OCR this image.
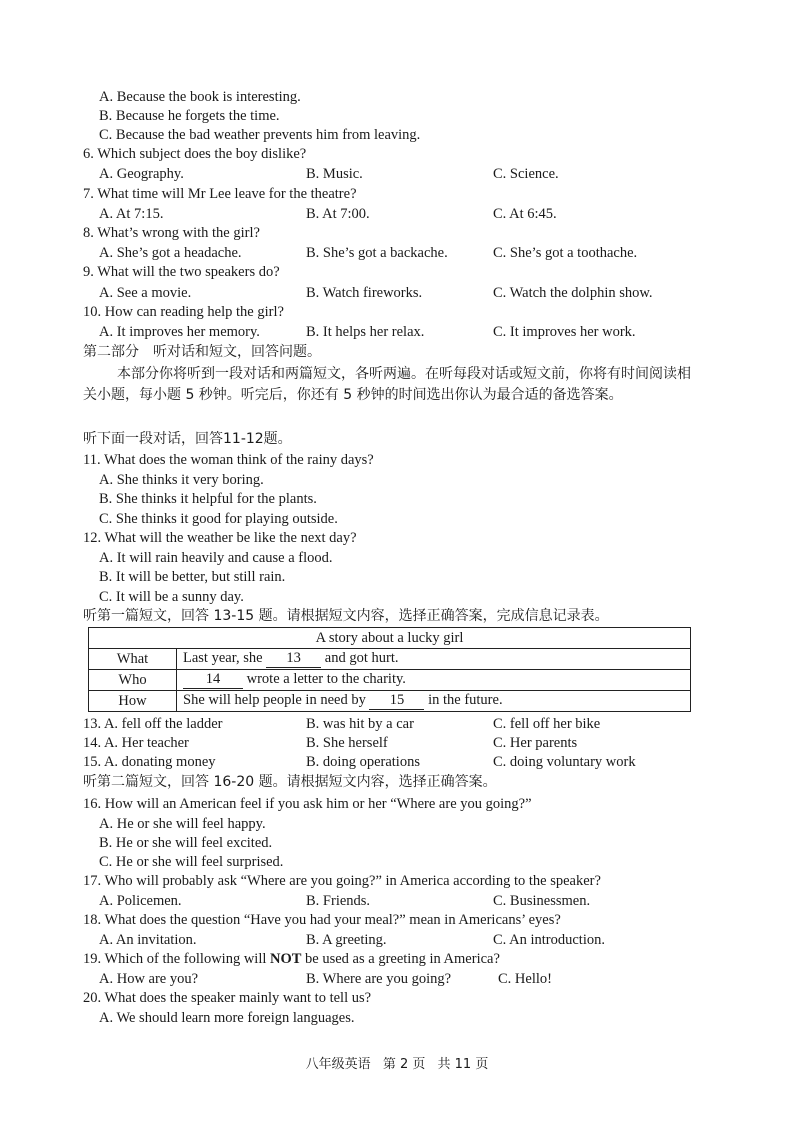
A. Because the book is interesting.
B. Because he forgets the time.
C. Because the bad weather prevents him from leaving.
6. Which subject does the boy dislike?
A. Geography.	B. Music.	C. Science.
7. What time will Mr Lee leave for the theatre?
A. At 7:15.	B. At 7:00.	C. At 6:45.
8. What’s wrong with the girl?
A. She’s got a headache.	B. She’s got a backache.	C. She’s got a toothache.
9. What will the two speakers do?
A. See a movie.	B. Watch fireworks.	C. Watch the dolphin show.
10. How can reading help the girl?
A. It improves her memory.	B. It helps her relax.	C. It improves her work.
第二部分　听对话和短文，回答问题。
本部分你将听到一段对话和两篇短文，各听两遍。在听每段对话或短文前，你将有时间阅读相关小题，每小题 5 秒钟。听完后，你还有 5 秒钟的时间选出你认为最合适的备选答案。
听下面一段对话，回答11-12题。
11. What does the woman think of the rainy days?
A. She thinks it very boring.
B. She thinks it helpful for the plants.
C. She thinks it good for playing outside.
12. What will the weather be like the next day?
A. It will rain heavily and cause a flood.
B. It will be better, but still rain.
C. It will be a sunny day.
听第一篇短文，回答 13-15 题。请根据短文内容，选择正确答案，完成信息记录表。
A story about a lucky girl	
What	Last year, she 13 and got hurt.
Who	14 wrote a letter to the charity.
How	She will help people in need by 15 in the future.
13. A. fell off the ladder	B. was hit by a car	C. fell off her bike
14. A. Her teacher	B. She herself	C. Her parents
15. A. donating money	B. doing operations	C. doing voluntary work
听第二篇短文，回答 16-20 题。请根据短文内容，选择正确答案。
16. How will an American feel if you ask him or her “Where are you going?”
A. He or she will feel happy.
B. He or she will feel excited.
C. He or she will feel surprised.
17. Who will probably ask “Where are you going?” in America according to the speaker?
A. Policemen.	B. Friends.	C. Businessmen.
18. What does the question “Have you had your meal?” mean in Americans’ eyes?
A. An invitation.	B. A greeting.	C. An introduction.
19. Which of the following will NOT be used as a greeting in America?
A. How are you?	B. Where are you going?	C. Hello!
20. What does the speaker mainly want to tell us?
A. We should learn more foreign languages.
八年级英语 第 2 页 共 11 页
